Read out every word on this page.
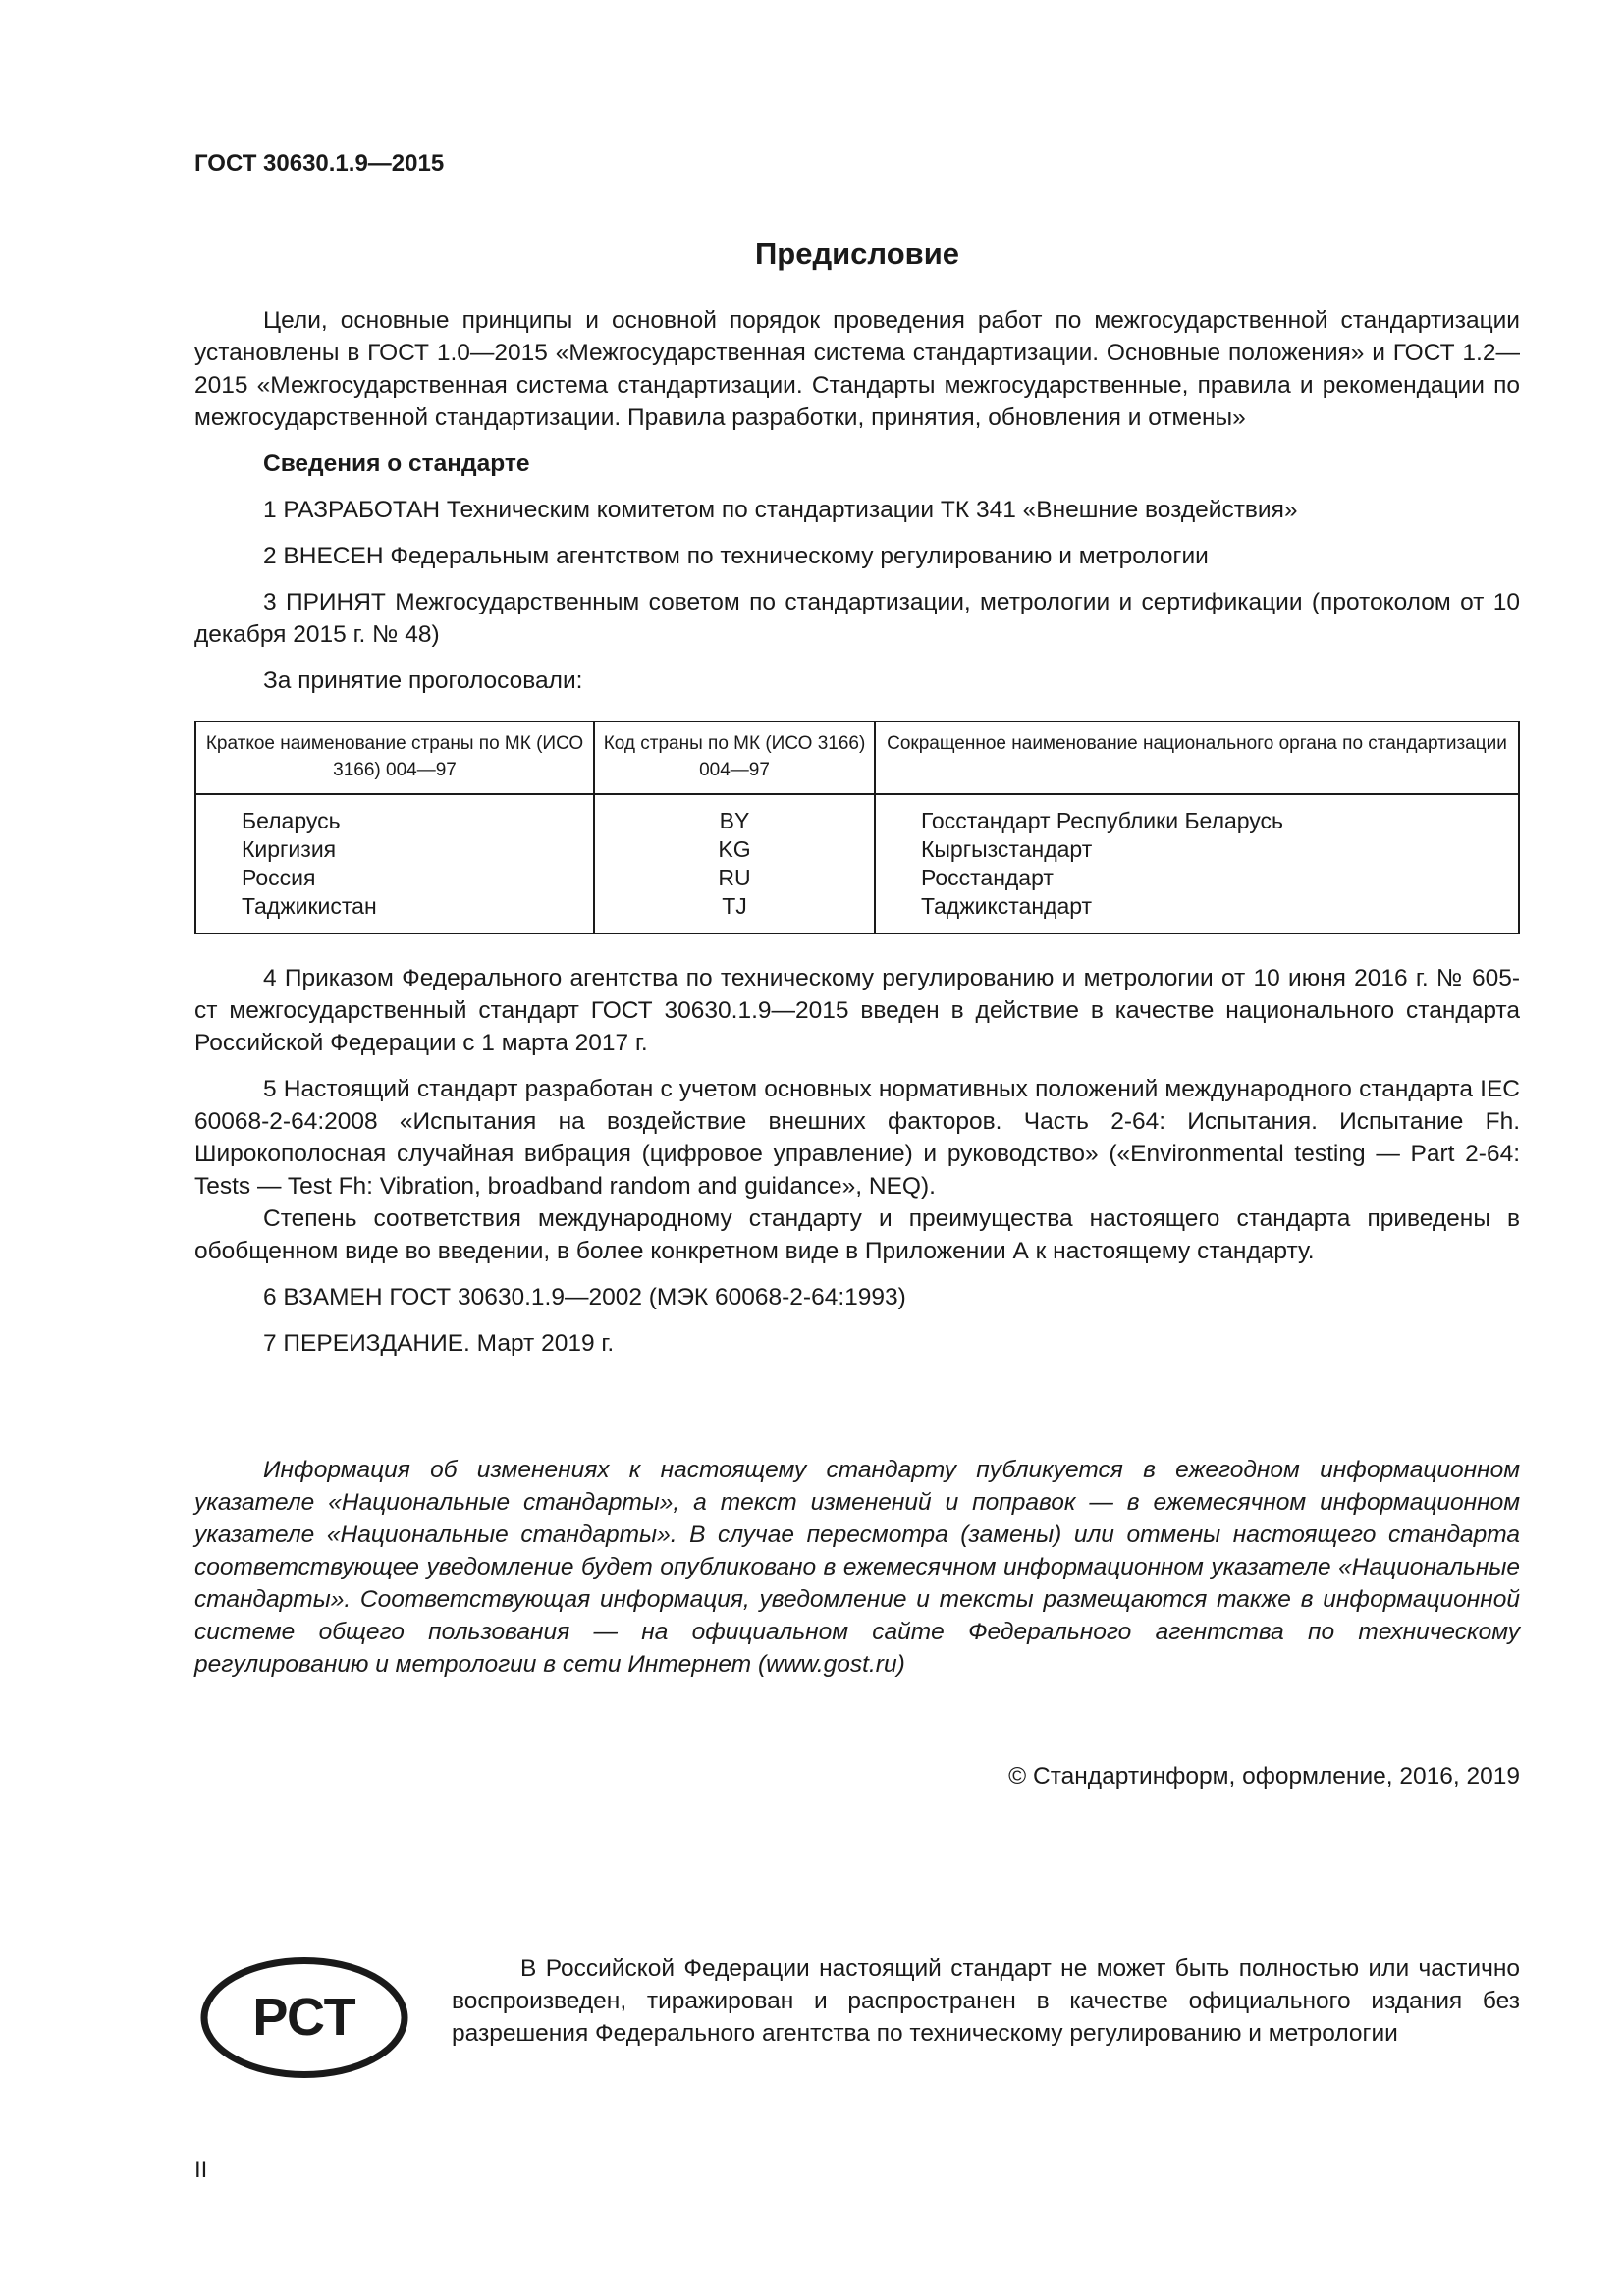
ГОСТ 30630.1.9—2015

Предисловие

Цели, основные принципы и основной порядок проведения работ по межгосударственной стандартизации установлены в ГОСТ 1.0—2015 «Межгосударственная система стандартизации. Основные положения» и ГОСТ 1.2—2015 «Межгосударственная система стандартизации. Стандарты межгосударственные, правила и рекомендации по межгосударственной стандартизации. Правила разработки, принятия, обновления и отмены»

Сведения о стандарте

1 РАЗРАБОТАН Техническим комитетом по стандартизации ТК 341 «Внешние воздействия»

2 ВНЕСЕН Федеральным агентством по техническому регулированию и метрологии

3 ПРИНЯТ Межгосударственным советом по стандартизации, метрологии и сертификации (протоколом от 10 декабря 2015 г. № 48)

За принятие проголосовали:

Краткое наименование страны по МК (ИСО 3166) 004—97	Код страны по МК (ИСО 3166) 004—97	Сокращенное наименование национального органа по стандартизации
Беларусь	BY	Госстандарт Республики Беларусь
Киргизия	KG	Кыргызстандарт
Россия	RU	Росстандарт
Таджикистан	TJ	Таджикстандарт

4 Приказом Федерального агентства по техническому регулированию и метрологии от 10 июня 2016 г. № 605-ст межгосударственный стандарт ГОСТ 30630.1.9—2015 введен в действие в качестве национального стандарта Российской Федерации с 1 марта 2017 г.

5 Настоящий стандарт разработан с учетом основных нормативных положений международного стандарта IEC 60068-2-64:2008 «Испытания на воздействие внешних факторов. Часть 2-64: Испытания. Испытание Fh. Широкополосная случайная вибрация (цифровое управление) и руководство» («Environmental testing — Part 2-64: Tests — Test Fh: Vibration, broadband random and guidance», NEQ).

Степень соответствия международному стандарту и преимущества настоящего стандарта приведены в обобщенном виде во введении, в более конкретном виде в Приложении А к настоящему стандарту.

6 ВЗАМЕН ГОСТ 30630.1.9—2002 (МЭК 60068-2-64:1993)

7 ПЕРЕИЗДАНИЕ. Март 2019 г.

Информация об изменениях к настоящему стандарту публикуется в ежегодном информационном указателе «Национальные стандарты», а текст изменений и поправок — в ежемесячном информационном указателе «Национальные стандарты». В случае пересмотра (замены) или отмены настоящего стандарта соответствующее уведомление будет опубликовано в ежемесячном информационном указателе «Национальные стандарты». Соответствующая информация, уведомление и тексты размещаются также в информационной системе общего пользования — на официальном сайте Федерального агентства по техническому регулированию и метрологии в сети Интернет (www.gost.ru)

© Стандартинформ, оформление, 2016, 2019
РСТ

В Российской Федерации настоящий стандарт не может быть полностью или частично воспроизведен, тиражирован и распространен в качестве официального издания без разрешения Федерального агентства по техническому регулированию и метрологии

II
